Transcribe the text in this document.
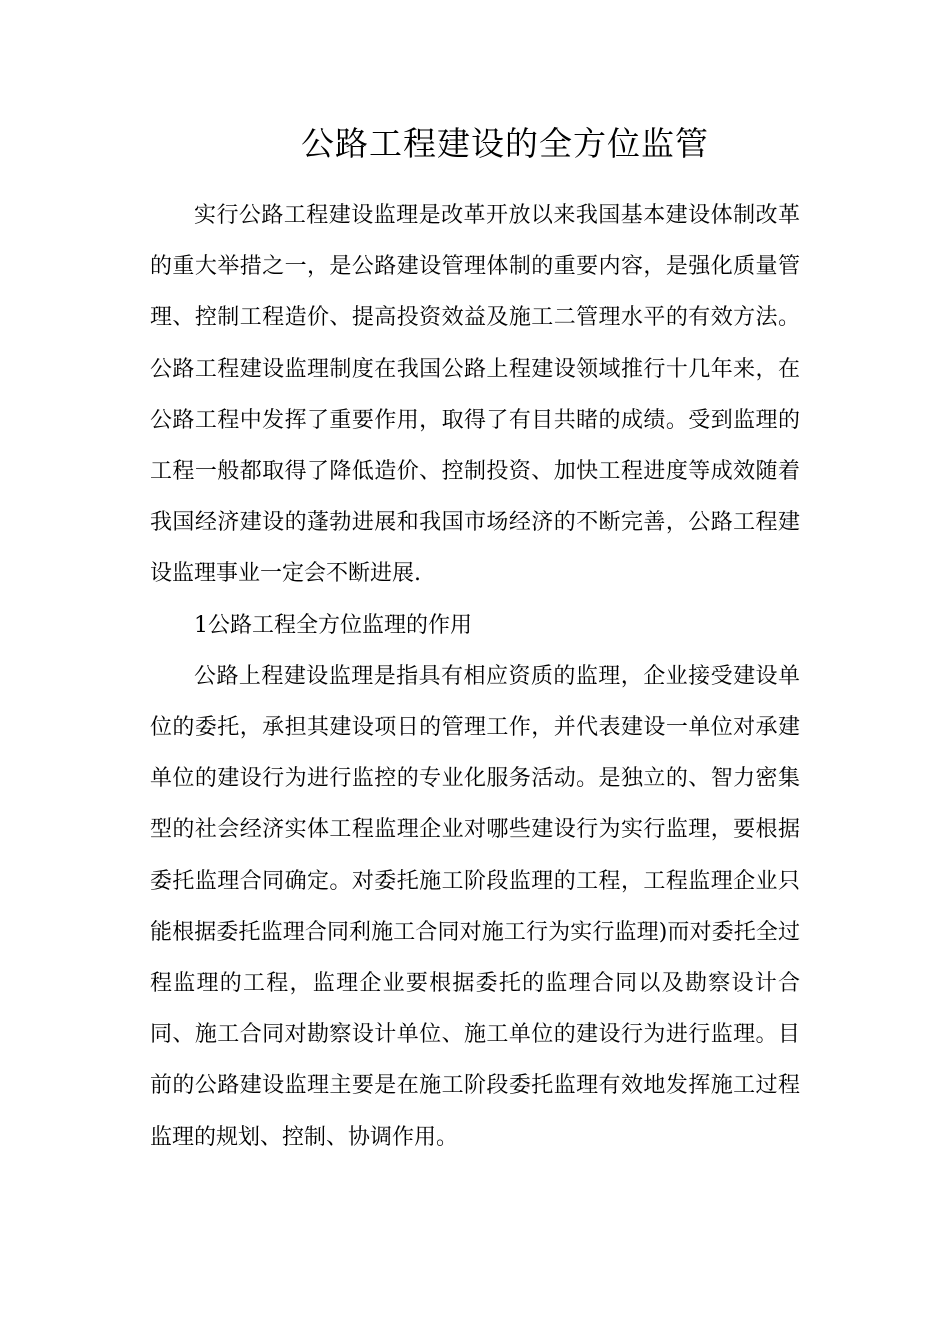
公路工程建设的全方位监管

实行公路工程建设监理是改革开放以来我国基本建设体制改革的重大举措之一，是公路建设管理体制的重要内容，是强化质量管理、控制工程造价、提高投资效益及施工二管理水平的有效方法。公路工程建设监理制度在我国公路上程建设领域推行十几年来，在公路工程中发挥了重要作用，取得了有目共睹的成绩。受到监理的工程一般都取得了降低造价、控制投资、加快工程进度等成效随着我国经济建设的蓬勃进展和我国市场经济的不断完善，公路工程建设监理事业一定会不断进展.

1公路工程全方位监理的作用

公路上程建设监理是指具有相应资质的监理，企业接受建设单位的委托，承担其建设项日的管理工作，并代表建设一单位对承建单位的建设行为进行监控的专业化服务活动。是独立的、智力密集型的社会经济实体工程监理企业对哪些建设行为实行监理，要根据委托监理合同确定。对委托施工阶段监理的工程，工程监理企业只能根据委托监理合同利施工合同对施工行为实行监理)而对委托全过程监理的工程，监理企业要根据委托的监理合同以及勘察设计合同、施工合同对勘察设计单位、施工单位的建设行为进行监理。目前的公路建设监理主要是在施工阶段委托监理有效地发挥施工过程监理的规划、控制、协调作用。
